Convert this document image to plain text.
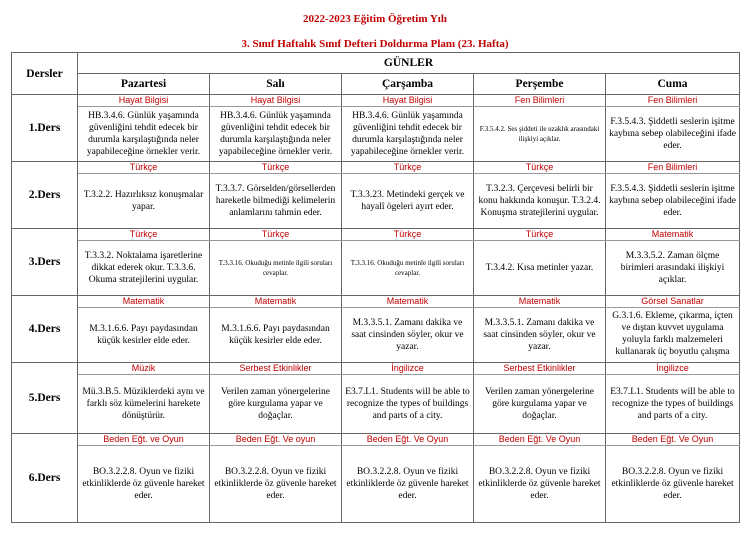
2022-2023 Eğitim Öğretim Yılı
3. Sınıf Haftalık Sınıf Defteri Doldurma Planı (23. Hafta)
Dersler	GÜNLER				
	Pazartesi	Salı	Çarşamba	Perşembe	Cuma
1.Ders	Hayat Bilgisi	Hayat Bilgisi	Hayat Bilgisi	Fen Bilimleri	Fen Bilimleri

	HB.3.4.6. Günlük yaşamında güvenliğini tehdit edecek bir durumla karşılaştığında neler yapabileceğine örnekler verir.	HB.3.4.6. Günlük yaşamında güvenliğini tehdit edecek bir durumla karşılaştığında neler yapabileceğine örnekler verir.	HB.3.4.6. Günlük yaşamında güvenliğini tehdit edecek bir durumla karşılaştığında neler yapabileceğine örnekler verir.	F.3.5.4.2. Ses şiddeti ile uzaklık arasındaki ilişkiyi açıklar.	F.3.5.4.3. Şiddetli seslerin işitme kaybına sebep olabileceğini ifade eder.

2.Ders	Türkçe	Türkçe	Türkçe	Türkçe	Fen Bilimleri

	T.3.2.2. Hazırlıksız konuşmalar yapar.	T.3.3.7. Görselden/görsellerden hareketle bilmediği kelimelerin anlamlarını tahmin eder.	T.3.3.23. Metindeki gerçek ve hayalî ögeleri ayırt eder.	T.3.2.3. Çerçevesi belirli bir konu hakkında konuşur. T.3.2.4. Konuşma stratejilerini uygular.	F.3.5.4.3. Şiddetli seslerin işitme kaybına sebep olabileceğini ifade eder.

3.Ders	Türkçe	Türkçe	Türkçe	Türkçe	Matematik

	T.3.3.2. Noktalama işaretlerine dikkat ederek okur. T.3.3.6. Okuma stratejilerini uygular.	T.3.3.16. Okuduğu metinle ilgili soruları cevaplar.	T.3.3.16. Okuduğu metinle ilgili soruları cevaplar.	T.3.4.2. Kısa metinler yazar.	M.3.3.5.2. Zaman ölçme birimleri arasındaki ilişkiyi açıklar.

4.Ders	Matematik	Matematik	Matematik	Matematik	Görsel Sanatlar

	M.3.1.6.6. Payı paydasından küçük kesirler elde eder.	M.3.1.6.6. Payı paydasından küçük kesirler elde eder.	M.3.3.5.1. Zamanı dakika ve saat cinsinden söyler, okur ve yazar.	M.3.3.5.1. Zamanı dakika ve saat cinsinden söyler, okur ve yazar.	G.3.1.6. Ekleme, çıkarma, içten ve dıştan kuvvet uygulama yoluyla farklı malzemeleri kullanarak üç boyutlu çalışma

5.Ders	Müzik	Serbest Etkinlikler	İngilizce	Serbest Etkinlikler	İngilizce

	Mü.3.B.5. Müziklerdeki aynı ve farklı söz kümelerini harekete dönüştürür.	Verilen zaman yönergelerine göre kurgulama yapar ve doğaçlar.	E3.7.L1. Students will be able to recognize the types of buildings and parts of a city.	Verilen zaman yönergelerine göre kurgulama yapar ve doğaçlar.	E3.7.L1. Students will be able to recognize the types of buildings and parts of a city.

6.Ders	Beden Eğt. ve Oyun	Beden Eğt. Ve oyun	Beden Eğt. Ve Oyun	Beden Eğt. Ve Oyun	Beden Eğt. Ve Oyun

	BO.3.2.2.8. Oyun ve fiziki etkinliklerde öz güvenle hareket eder.	BO.3.2.2.8. Oyun ve fiziki etkinliklerde öz güvenle hareket eder.	BO.3.2.2.8. Oyun ve fiziki etkinliklerde öz güvenle hareket eder.	BO.3.2.2.8. Oyun ve fiziki etkinliklerde öz güvenle hareket eder.	BO.3.2.2.8. Oyun ve fiziki etkinliklerde öz güvenle hareket eder.
